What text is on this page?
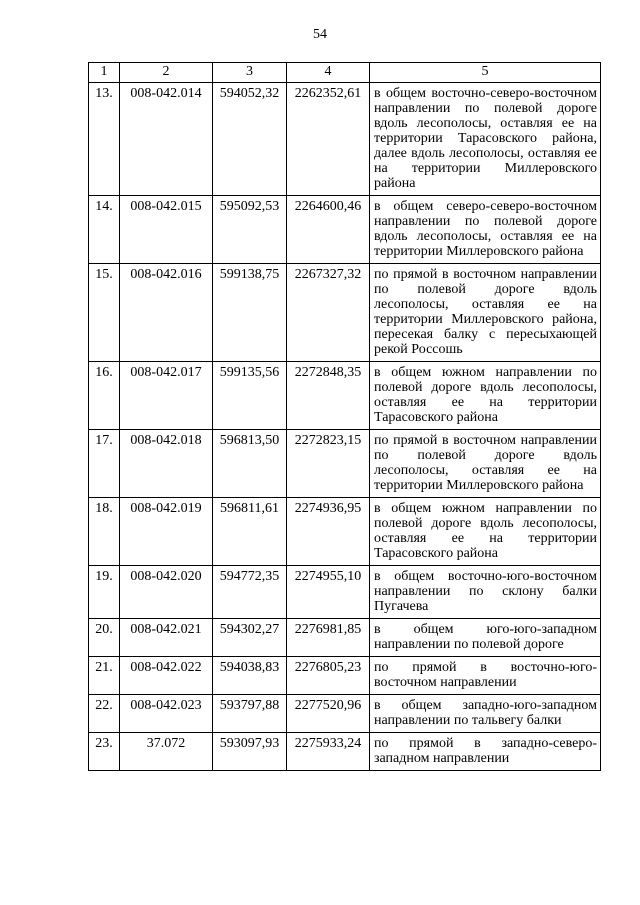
54
1	2	3	4	5
13.	008-042.014	594052,32	2262352,61	в общем восточно-северо-восточном направлении по полевой дороге вдоль лесополосы, оставляя ее на территории Тарасовского района, далее вдоль лесополосы, оставляя ее на территории Миллеровского района
14.	008-042.015	595092,53	2264600,46	в общем северо-северо-восточном направлении по полевой дороге вдоль лесополосы, оставляя ее на территории Миллеровского района
15.	008-042.016	599138,75	2267327,32	по прямой в восточном направлении по полевой дороге вдоль лесополосы, оставляя ее на территории Миллеровского района, пересекая балку с пересыхающей рекой Россошь
16.	008-042.017	599135,56	2272848,35	в общем южном направлении по полевой дороге вдоль лесополосы, оставляя ее на территории Тарасовского района
17.	008-042.018	596813,50	2272823,15	по прямой в восточном направлении по полевой дороге вдоль лесополосы, оставляя ее на территории Миллеровского района
18.	008-042.019	596811,61	2274936,95	в общем южном направлении по полевой дороге вдоль лесополосы, оставляя ее на территории Тарасовского района
19.	008-042.020	594772,35	2274955,10	в общем восточно-юго-восточном направлении по склону балки Пугачева
20.	008-042.021	594302,27	2276981,85	в общем юго-юго-западном направлении по полевой дороге
21.	008-042.022	594038,83	2276805,23	по прямой в восточно-юго-восточном направлении
22.	008-042.023	593797,88	2277520,96	в общем западно-юго-западном направлении по тальвегу балки
23.	37.072	593097,93	2275933,24	по прямой в западно-северо-западном направлении
